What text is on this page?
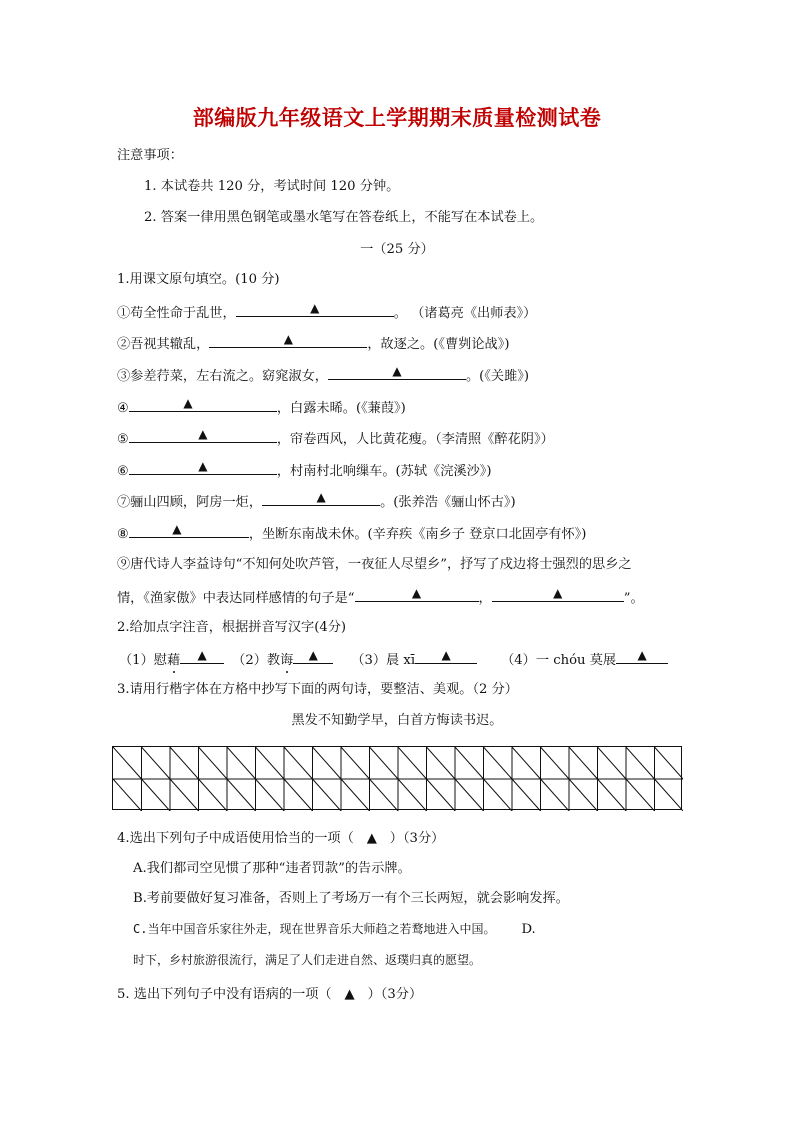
部编版九年级语文上学期期末质量检测试卷
注意事项：
1. 本试卷共 120 分，考试时间 120 分钟。
2. 答案一律用黑色钢笔或墨水笔写在答卷纸上，不能写在本试卷上。
一（25 分）
1.用课文原句填空。(10 分)
①苟全性命于乱世，	▲	。 （诸葛亮《出师表》）
②吾视其辙乱，	▲	，故逐之。(《曹刿论战》)
③参差荇菜，左右流之。窈窕淑女，	▲	。(《关雎》)
④	▲	，白露未晞。(《蒹葭》)
⑤	▲	，帘卷西风，人比黄花瘦。（李清照《醉花阴》）
⑥	▲	，村南村北响缫车。(苏轼《浣溪沙》)
⑦骊山四顾，阿房一炬，	▲	。(张养浩《骊山怀古》)
⑧	▲	，坐断东南战未休。(辛弃疾《南乡子 登京口北固亭有怀》)
⑨唐代诗人李益诗句“不知何处吹芦管，一夜征人尽望乡”，抒写了戍边将士强烈的思乡之
情，《渔家傲》中表达同样感情的句子是“	▲	，	▲	”。
2.给加点字注音，根据拼音写汉字(4分)
（1）慰藉 ▲ （2）教诲 ▲	（3）晨 xī ▲	（4）一 chóu 莫展 ▲
3.请用行楷字体在方格中抄写下面的两句诗，要整洁、美观。（2 分）
黑发不知勤学早，白首方悔读书迟。
4.选出下列句子中成语使用恰当的一项（ ▲ ）（3分）
A.我们都司空见惯了那种“违者罚款”的告示牌。
B.考前要做好复习准备，否则上了考场万一有个三长两短，就会影响发挥。
C.当年中国音乐家往外走，现在世界音乐大师趋之若鹜地进入中国。 D.
时下，乡村旅游很流行，满足了人们走进自然、返璞归真的愿望。
5. 选出下列句子中没有语病的一项（ ▲ ）（3分）
